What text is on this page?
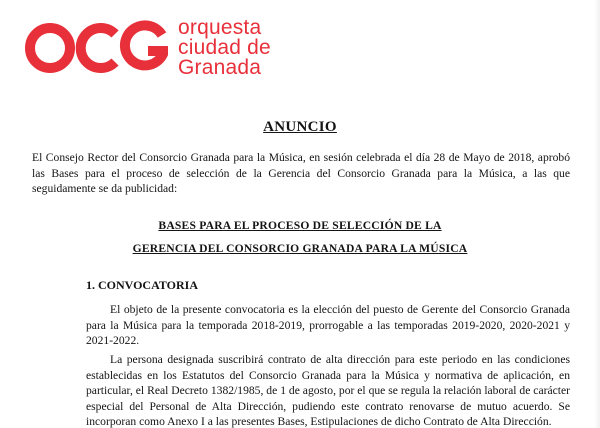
orquesta
ciudad de
Granada
ANUNCIO
El Consejo Rector del Consorcio Granada para la Música, en sesión celebrada el día 28 de Mayo de 2018, aprobó las Bases para el proceso de selección de la Gerencia del Consorcio Granada para la Música, a las que seguidamente se da publicidad:
BASES PARA EL PROCESO DE SELECCIÓN DE LA
GERENCIA DEL CONSORCIO GRANADA PARA LA MÚSICA
1. CONVOCATORIA
El objeto de la presente convocatoria es la elección del puesto de Gerente del Consorcio Granada para la Música para la temporada 2018-2019, prorrogable a las temporadas 2019-2020, 2020-2021 y 2021-2022.
La persona designada suscribirá contrato de alta dirección para este periodo en las condiciones establecidas en los Estatutos del Consorcio Granada para la Música y normativa de aplicación, en particular, el Real Decreto 1382/1985, de 1 de agosto, por el que se regula la relación laboral de carácter especial del Personal de Alta Dirección, pudiendo este contrato renovarse de mutuo acuerdo. Se incorporan como Anexo I a las presentes Bases, Estipulaciones de dicho Contrato de Alta Dirección.
